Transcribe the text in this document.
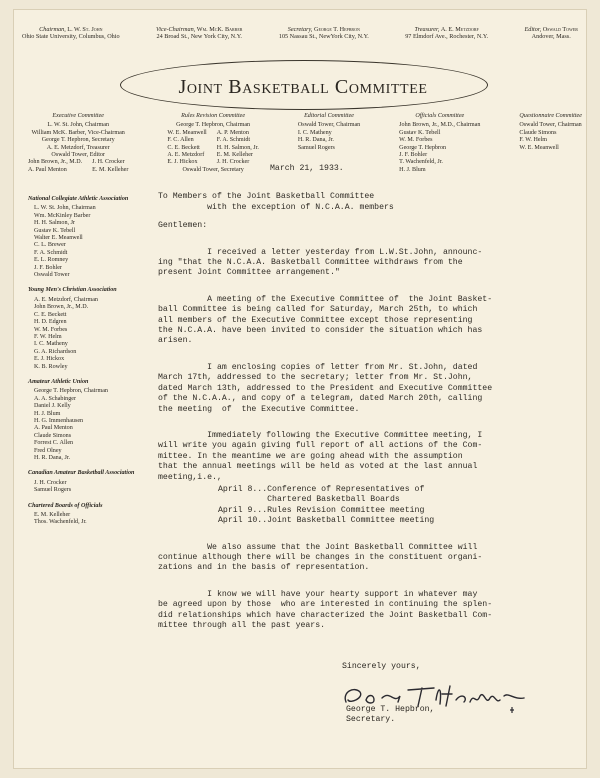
Chairman, L. W. St. John
Ohio State University, Columbus, Ohio
Vice-Chairman, Wm. McK. Barber
24 Broad St., New York City, N.Y.
Secretary, George T. Hepbron
105 Nassau St., NewYork City, N.Y.
Treasurer, A. E. Metzdorf
97 Elmdorf Ave., Rochester, N.Y.
Editor, Oswald Tower
Andover, Mass.
Joint Basketball Committee
Executive Committee
L. W. St. John, Chairman
William McK. Barber, Vice-Chairman
George T. Hepbron, Secretary
A. E. Metzdorf, Treasurer
Oswald Tower, Editor
John Brown, Jr., M.D.
A. Paul Menton
J. H. Crocker
E. M. Kelleher
Rules Revision Committee
George T. Hepbron, Chairman
W. E. Meanwell
F. C. Allen
C. E. Beckett
A. E. Metzdorf
E. J. Hickox
A. P. Menton
F. A. Schmidt
H. H. Salmon, Jr.
E. M. Kelleher
J. H. Crocker
Oswald Tower, Secretary
Editorial Committee
Oswald Tower, Chairman
I. C. Matheny
H. R. Dana, Jr.
Samuel Rogers
Officials Committee
John Brown, Jr., M.D., Chairman
Gustav K. Tebell
W. M. Forbes
George T. Hepbron
J. F. Bohler
T. Wachenfeld, Jr.
H. J. Blum
Questionnaire Committee
Oswald Tower, Chairman
Claude Simons
F. W. Helm
W. E. Meanwell
National Collegiate Athletic Association
L. W. St. John, Chairman
Wm. McKinley Barber
H. H. Salmon, Jr
Gustav K. Tebell
Walter E. Meanwell
C. L. Brewer
F. A. Schmidt
E. L. Romney
J. F. Bohler
Oswald Tower
Young Men's Christian Association
A. E. Metzdorf, Chairman
John Brown, Jr., M.D.
C. E. Beckett
H. D. Edgren
W. M. Forbes
F. W. Helm
I. C. Matheny
G. A. Richardson
E. J. Hickox
K. B. Rowley
Amateur Athletic Union
George T. Hepbron, Chairman
A. A. Schabinger
Daniel J. Kelly
H. J. Blum
H. G. Immenhausen
A. Paul Menton
Claude Simons
Forrest C. Allen
Fred Olney
H. R. Dana, Jr.
Canadian Amateur Basketball Association
J. H. Crocker
Samuel Rogers
Chartered Boards of Officials
E. M. Kelleher
Thos. Wachenfeld, Jr.
March 21, 1933.
To Members of the Joint Basketball Committee
with the exception of N.C.A.A. members
Gentlemen:

I received a letter yesterday from L.W.St.John, announc-
ing "that the N.C.A.A. Basketball Committee withdraws from the
present Joint Committee arrangement."

A meeting of the Executive Committee of  the Joint Basket-
ball Committee is being called for Saturday, March 25th, to which
all members of the Executive Committee except those representing
the N.C.A.A. have been invited to consider the situation which has
arisen.

I am enclosing copies of letter from Mr. St.John, dated
March 17th, addressed to the secretary; letter from Mr. St.John,
dated March 13th, addressed to the President and Executive Committee
of the N.C.A.A., and copy of a telegram, dated March 20th, calling
the meeting  of  the Executive Committee.

Immediately following the Executive Committee meeting, I
will write you again giving full report of all actions of the Com-
mittee. In the meantime we are going ahead with the assumption
that the annual meetings will be held as voted at the last annual
meeting,i.e.,

April 8...Conference of Representatives of
Chartered Basketball Boards
April 9...Rules Revision Committee meeting
April 10..Joint Basketball Committee meeting

We also assume that the Joint Basketball Committee will
continue although there will be changes in the constituent organi-
zations and in the basis of representation.

I know we will have your hearty support in whatever may
be agreed upon by those  who are interested in continuing the splen-
did relationships which have characterized the Joint Basketball Com-
mittee through all the past years.

Sincerely yours,
George T. Hepbron,
Secretary.
